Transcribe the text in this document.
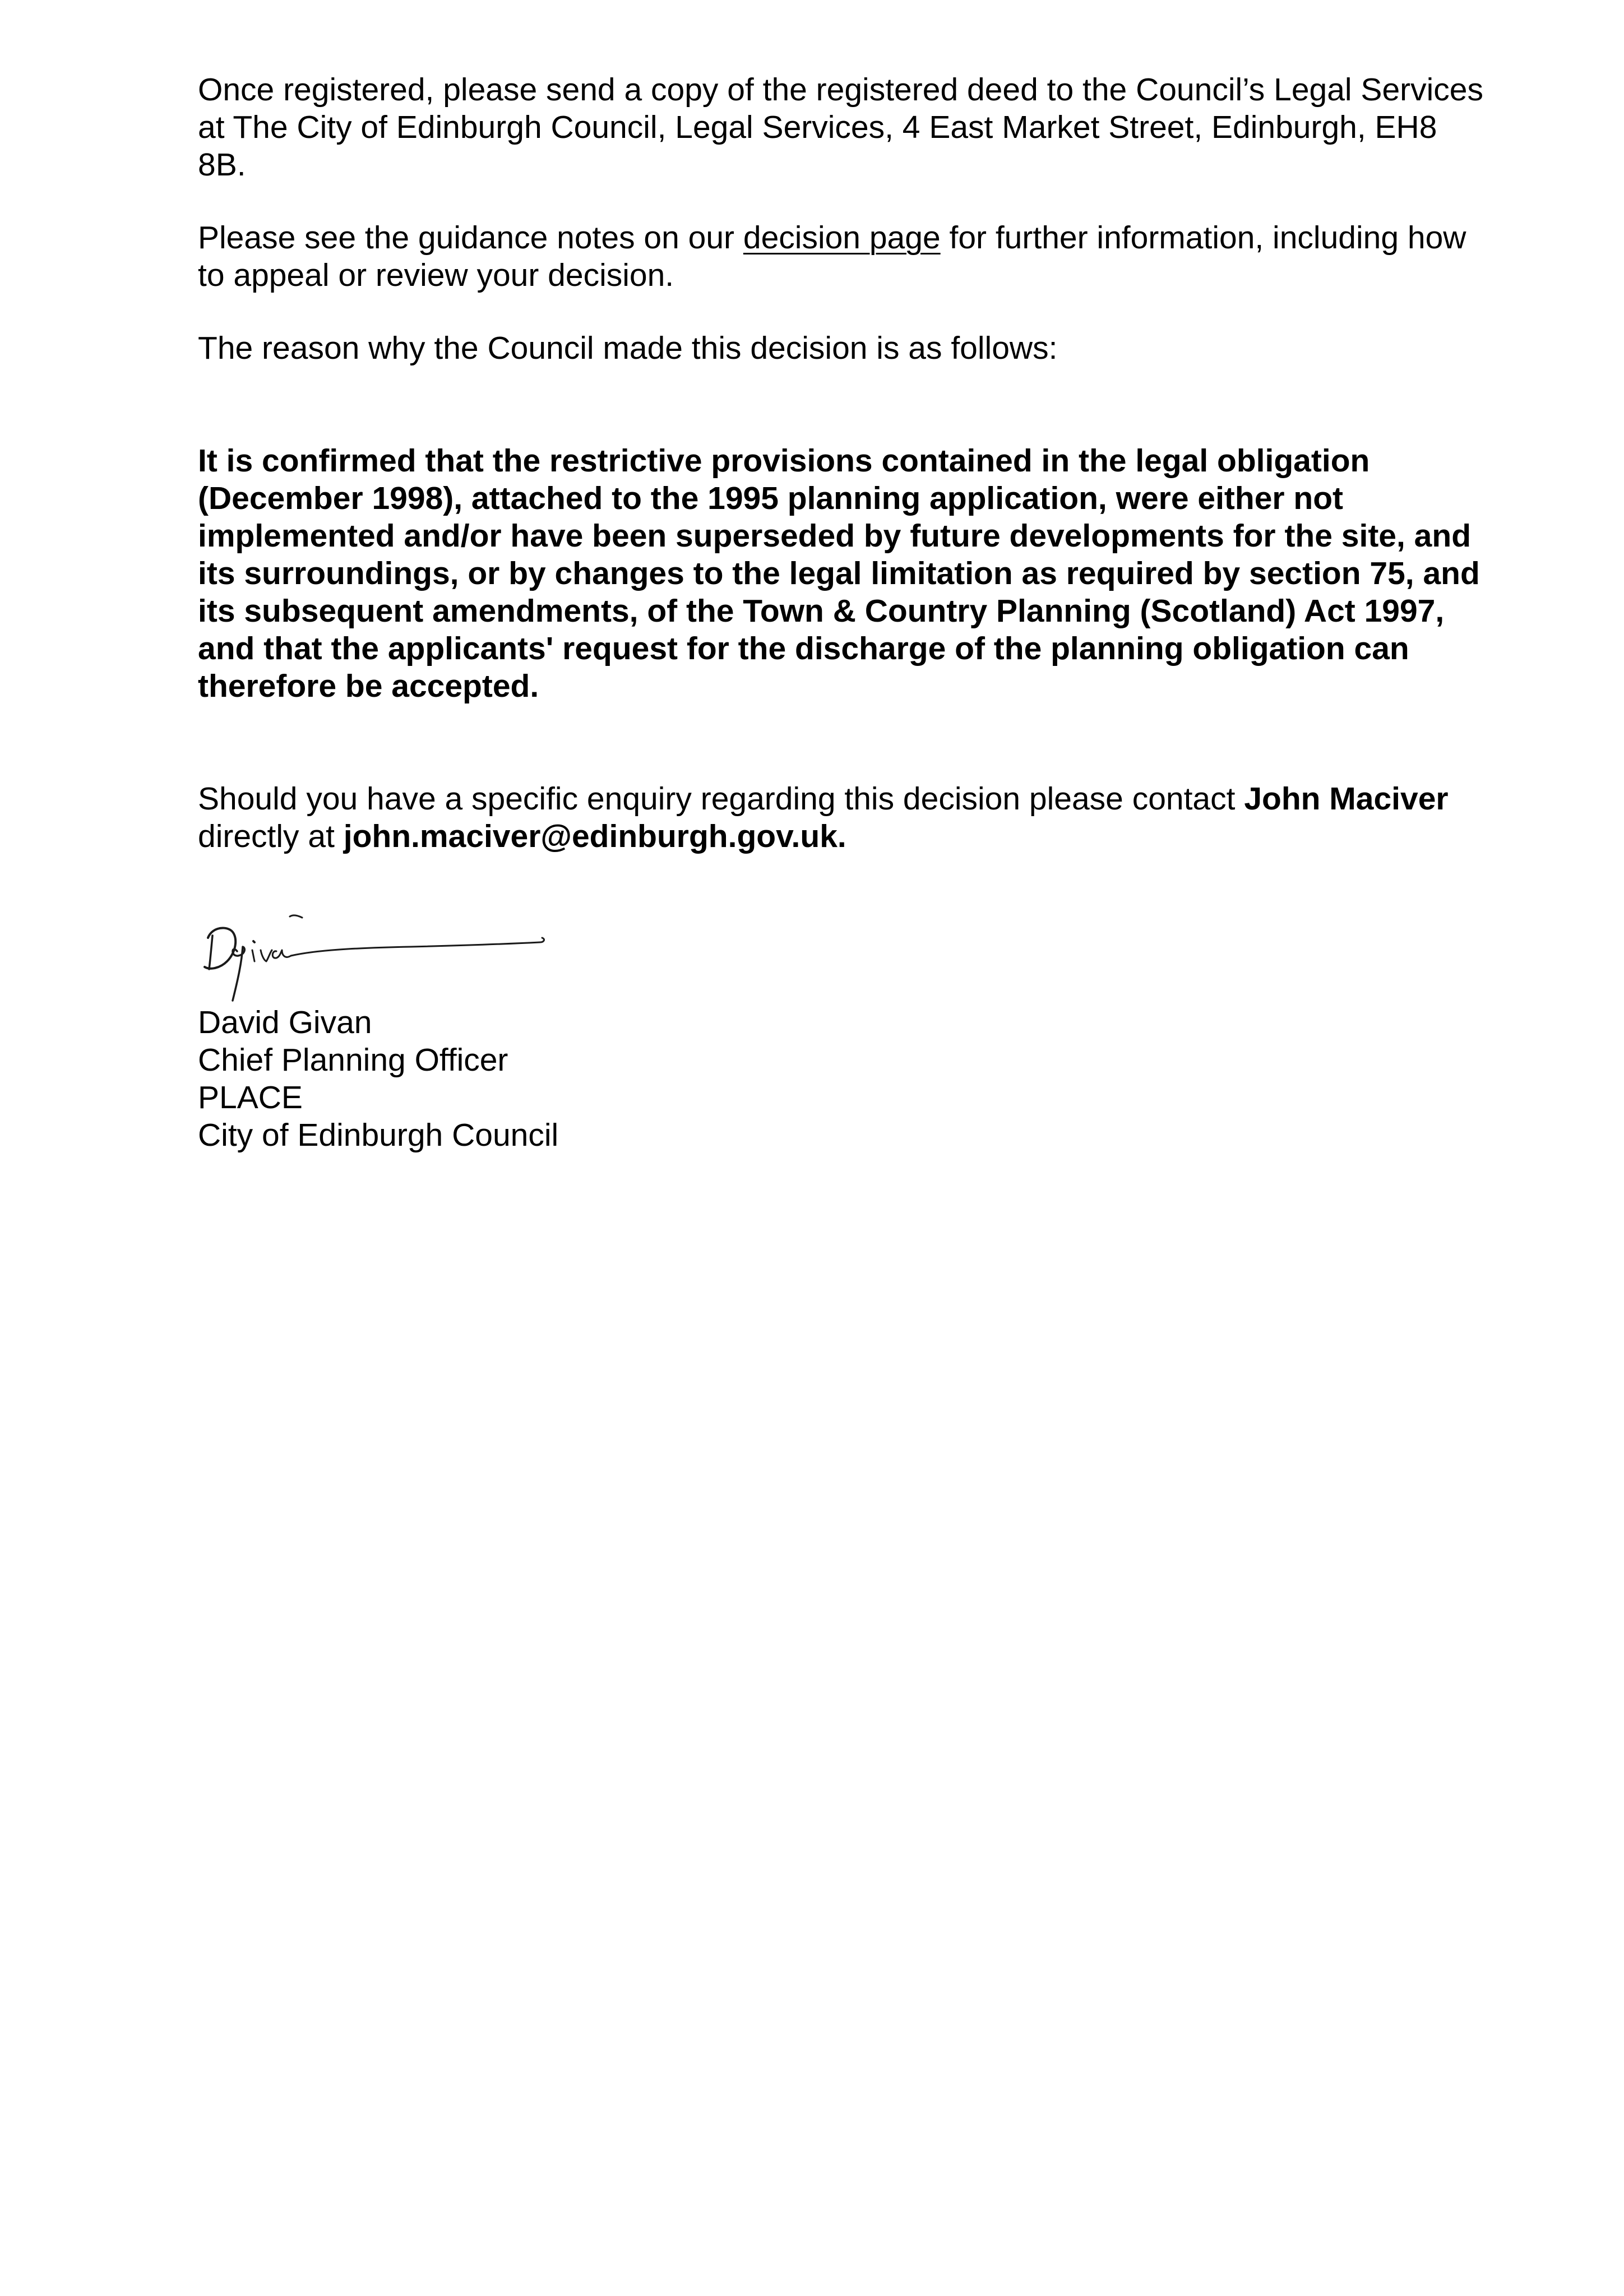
Once registered, please send a copy of the registered deed to the Council’s Legal Services at The City of Edinburgh Council, Legal Services, 4 East Market Street, Edinburgh, EH8 8B.

Please see the guidance notes on our decision page for further information, including how to appeal or review your decision.

The reason why the Council made this decision is as follows:

It is confirmed that the restrictive provisions contained in the legal obligation (December 1998), attached to the 1995 planning application, were either not implemented and/or have been superseded by future developments for the site, and its surroundings, or by changes to the legal limitation as required by section 75, and its subsequent amendments, of the Town & Country Planning (Scotland) Act 1997, and that the applicants' request for the discharge of the planning obligation can therefore be accepted.

Should you have a specific enquiry regarding this decision please contact John Maciver directly at john.maciver@edinburgh.gov.uk.

David Givan

Chief Planning Officer

PLACE

City of Edinburgh Council
